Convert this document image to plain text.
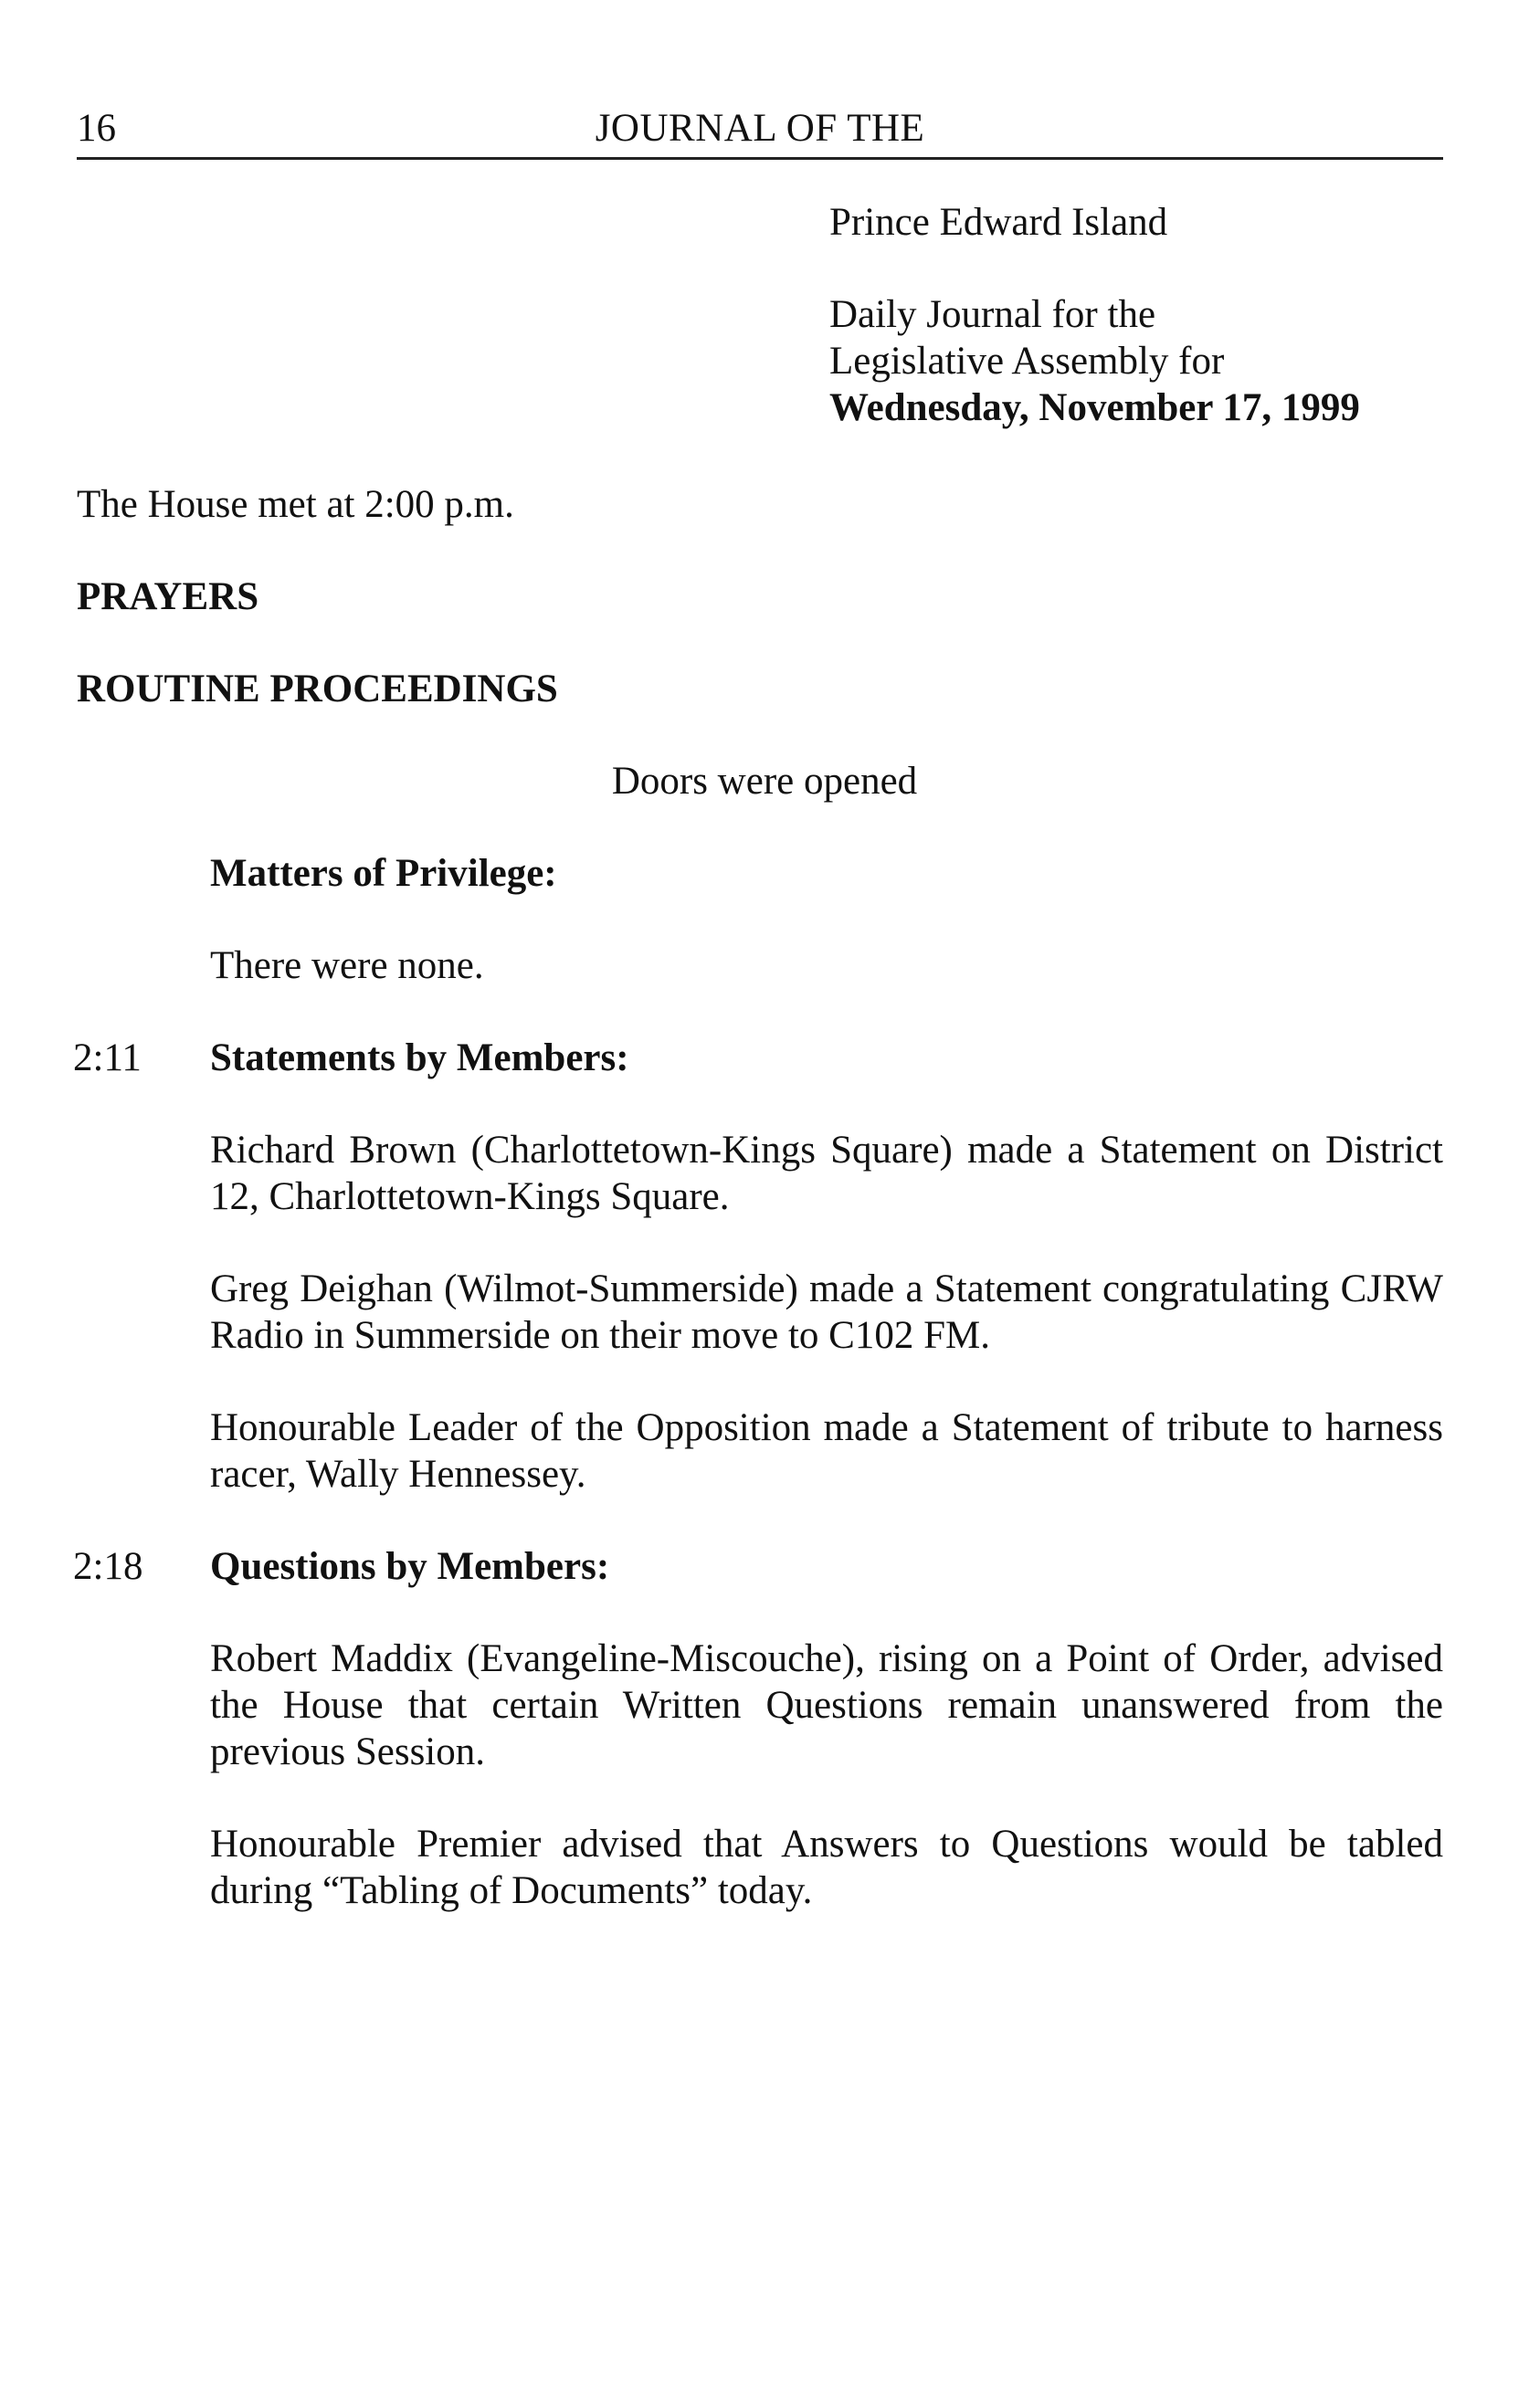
16	JOURNAL OF THE
Prince Edward Island
Daily Journal for the
Legislative Assembly for
Wednesday, November 17, 1999
The House met at 2:00 p.m.
PRAYERS
ROUTINE PROCEEDINGS
Doors were opened
Matters of Privilege:
There were none.
2:11 Statements by Members:
Richard Brown (Charlottetown-Kings Square) made a Statement on District 12, Charlottetown-Kings Square.
Greg Deighan (Wilmot-Summerside) made a Statement congratulating CJRW Radio in Summerside on their move to C102 FM.
Honourable Leader of the Opposition made a Statement of tribute to harness racer, Wally Hennessey.
2:18 Questions by Members:
Robert Maddix (Evangeline-Miscouche), rising on a Point of Order, advised the House that certain Written Questions remain unanswered from the previous Session.
Honourable Premier advised that Answers to Questions would be tabled during “Tabling of Documents” today.
